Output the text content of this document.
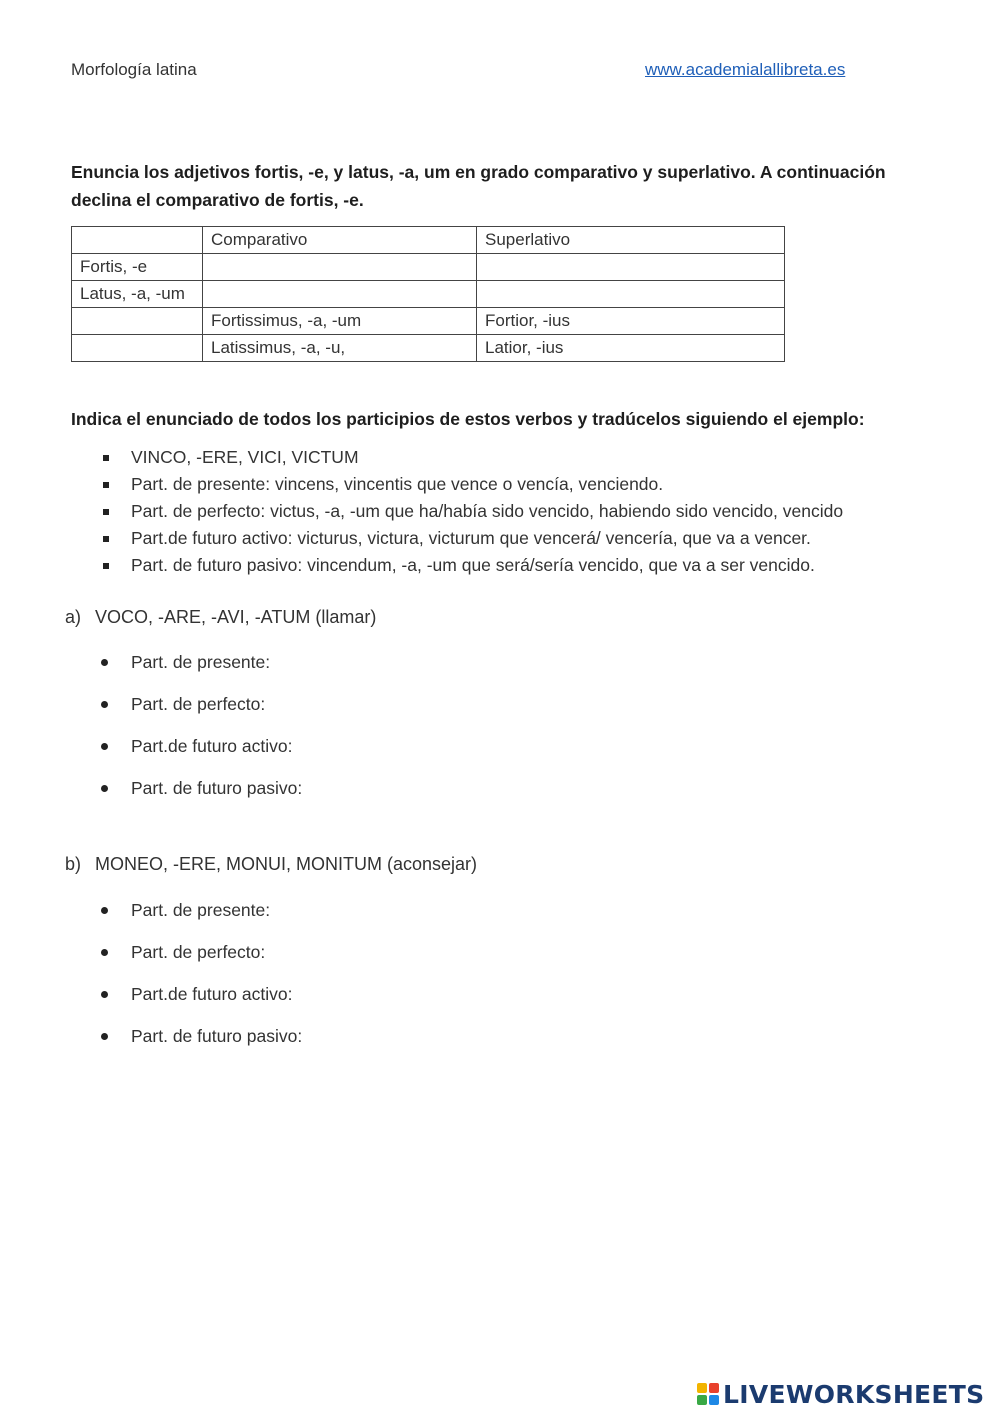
Morfología latina	www.academialallibreta.es
Enuncia los adjetivos fortis, -e, y latus, -a, um en grado comparativo y superlativo. A continuación declina el comparativo de fortis, -e.
	Comparativo	Superlativo
Fortis, -e		
Latus, -a, -um		
	Fortissimus, -a, -um	Fortior, -ius
	Latissimus, -a, -u,	Latior, -ius
Indica el enunciado de todos los participios de estos verbos y tradúcelos siguiendo el ejemplo:
VINCO, -ERE, VICI, VICTUM
Part. de presente: vincens, vincentis que vence o vencía, venciendo.
Part. de perfecto: victus, -a, -um que ha/había sido vencido, habiendo sido vencido, vencido
Part.de futuro activo: victurus, victura, victurum que vencerá/ vencería, que va a vencer.
Part. de futuro pasivo: vincendum, -a, -um que será/sería vencido, que va a ser vencido.
a) VOCO, -ARE, -AVI, -ATUM (llamar)
Part. de presente:
Part. de perfecto:
Part.de futuro activo:
Part. de futuro pasivo:
b) MONEO, -ERE, MONUI, MONITUM (aconsejar)
Part. de presente:
Part. de perfecto:
Part.de futuro activo:
Part. de futuro pasivo:
LIVEWORKSHEETS
